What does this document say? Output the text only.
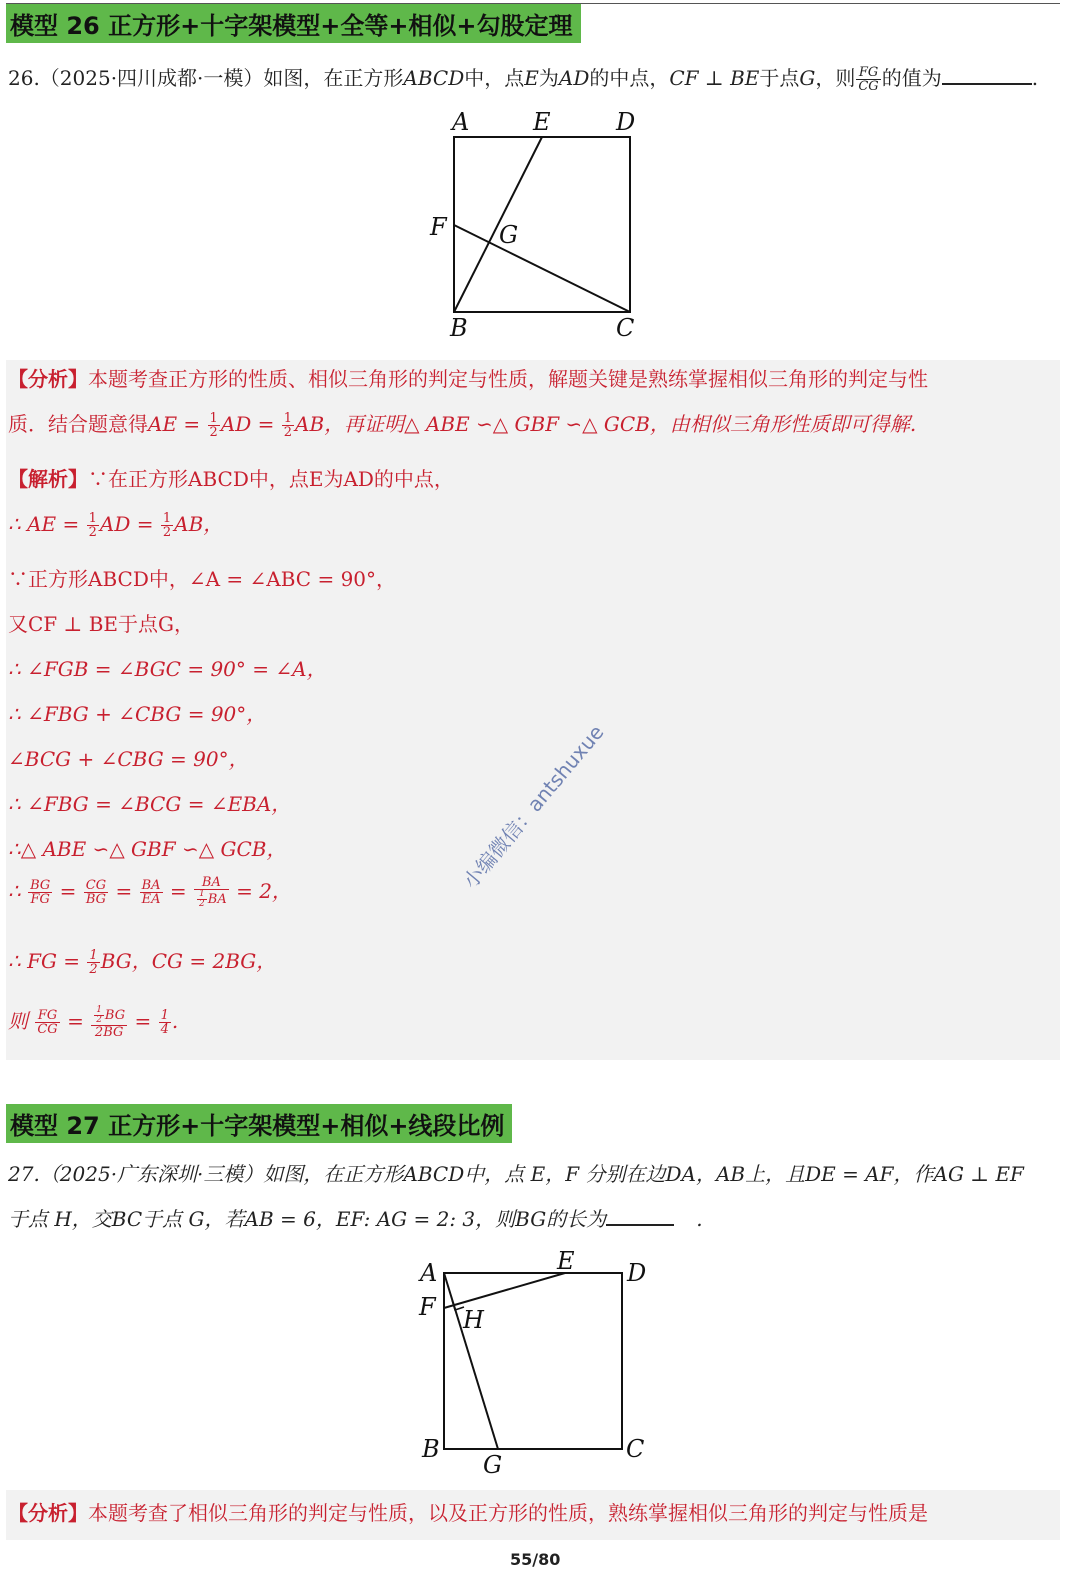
模型 26 正方形+十字架模型+全等+相似+勾股定理
26.（2025·四川成都·一模）如图，在正方形ABCD中，点E为AD的中点，CF ⊥ BE于点G，则 $\frac{FG}{CG}$ 的值为	.
A	E	D
F G
B	C
【分析】本题考查正方形的性质、相似三角形的判定与性质，解题关键是熟练掌握相似三角形的判定与性
质．结合题意得AE = $\frac{1}{2}$ AD = $\frac{1}{2}$ AB，再证明△ ABE ∽△ GBF ∽△ GCB，由相似三角形性质即可得解.
【解析】∵在正方形ABCD中，点E为AD的中点，
∴ AE = $\frac{1}{2}$ AD = $\frac{1}{2}$ AB，
∵正方形ABCD中，∠A = ∠ABC = 90°，
又CF ⊥ BE于点G，
∴ ∠FGB = ∠BGC = 90° = ∠A，
∴ ∠FBG + ∠CBG = 90°，
∠BCG + ∠CBG = 90°，
∴ ∠FBG = ∠BCG = ∠EBA，
∴△ ABE ∽△ GBF ∽△ GCB，
∴ $\frac{BG}{FG} = \frac{CG}{BG} = \frac{BA}{EA} = \frac{BA}{\frac{1}{2} BA} = 2$，
∴ FG = $\frac{1}{2}$ BG，CG = 2BG，
则 $\frac{FG}{CG} = \frac{\frac{1}{2} BG}{2BG} = \frac{1}{4}$ .
小编微信：antshuxue
模型 27 正方形+十字架模型+相似+线段比例
27.（2025·广东深圳·三模）如图，在正方形ABCD中，点 E，F 分别在边DA，AB上，且DE = AF，作AG ⊥ EF
于点 H，交BC于点 G，若AB = 6，EF: AG = 2: 3，则BG的长为	.
A	E D
F H
B
G
C
【分析】本题考查了相似三角形的判定与性质，以及正方形的性质，熟练掌握相似三角形的判定与性质是
55/80
